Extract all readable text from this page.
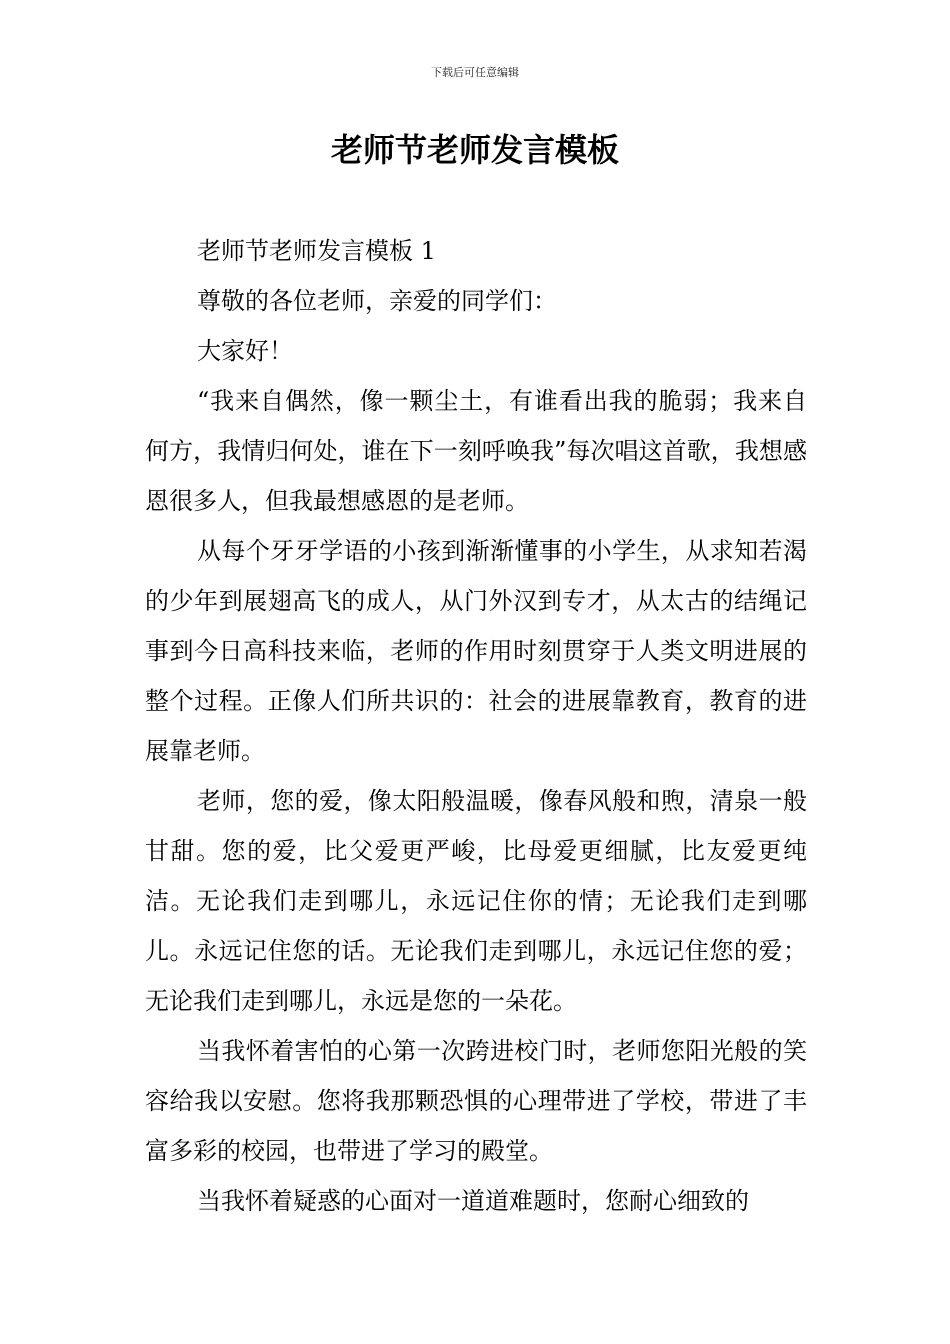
下载后可任意编辑
老师节老师发言模板

老师节老师发言模板 1

尊敬的各位老师，亲爱的同学们：

大家好！

“我来自偶然，像一颗尘土，有谁看出我的脆弱；我来自何方，我情归何处，谁在下一刻呼唤我”每次唱这首歌，我想感恩很多人，但我最想感恩的是老师。

从每个牙牙学语的小孩到渐渐懂事的小学生，从求知若渴的少年到展翅高飞的成人，从门外汉到专才，从太古的结绳记事到今日高科技来临，老师的作用时刻贯穿于人类文明进展的整个过程。正像人们所共识的：社会的进展靠教育，教育的进展靠老师。

老师，您的爱，像太阳般温暖，像春风般和煦，清泉一般甘甜。您的爱，比父爱更严峻，比母爱更细腻，比友爱更纯洁。无论我们走到哪儿，永远记住你的情；无论我们走到哪儿。永远记住您的话。无论我们走到哪儿，永远记住您的爱；无论我们走到哪儿，永远是您的一朵花。

当我怀着害怕的心第一次跨进校门时，老师您阳光般的笑容给我以安慰。您将我那颗恐惧的心理带进了学校，带进了丰富多彩的校园，也带进了学习的殿堂。

当我怀着疑惑的心面对一道道难题时，您耐心细致的
